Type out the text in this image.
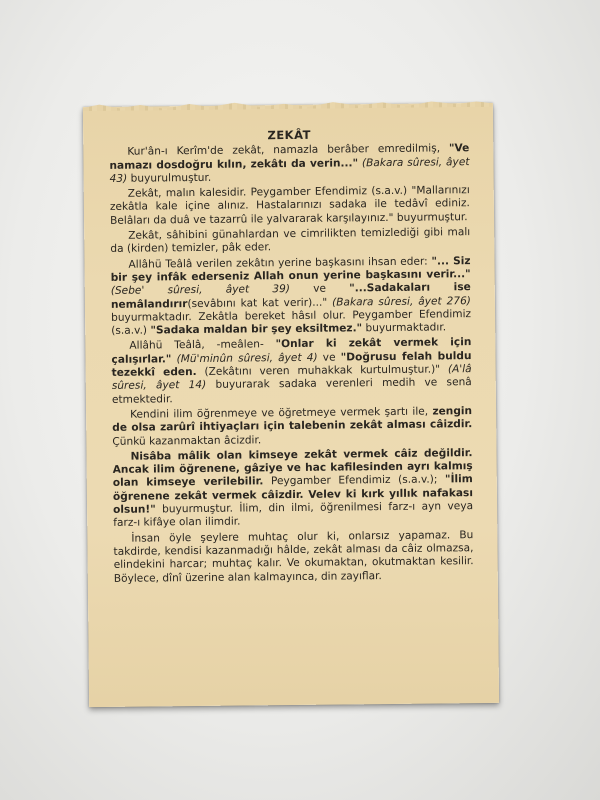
ZEKÂT

Kur'ân-ı Kerîm'de zekât, namazla berâber emredilmiş, "Ve namazı dosdoğru kılın, zekâtı da verin..." (Bakara sûresi, âyet 43) buyurulmuştur.

Zekât, malın kalesidir. Peygamber Efendimiz (s.a.v.) "Mallarınızı zekâtla kale içine alınız. Hastalarınızı sadaka ile tedâvî ediniz. Belâları da duâ ve tazarrû ile yalvararak karşılayınız." buyurmuştur.

Zekât, sâhibini günahlardan ve cimrilikten temizlediği gibi malı da (kirden) temizler, pâk eder.

Allâhü Teâlâ verilen zekâtın yerine başkasını ihsan eder: "... Siz bir şey infâk ederseniz Allah onun yerine başkasını verir..." (Sebe' sûresi, âyet 39) ve "...Sadakaları ise nemâlandırır(sevâbını kat kat verir)..." (Bakara sûresi, âyet 276) buyurmaktadır. Zekâtla bereket hâsıl olur. Peygamber Efendimiz (s.a.v.) "Sadaka maldan bir şey eksiltmez." buyurmaktadır.

Allâhü Teâlâ, -meâlen- "Onlar ki zekât vermek için çalışırlar." (Mü'minûn sûresi, âyet 4) ve "Doğrusu felah buldu tezekkî eden. (Zekâtını veren muhakkak kurtulmuştur.)" (A'lâ sûresi, âyet 14) buyurarak sadaka verenleri medih ve senâ etmektedir.

Kendini ilim öğrenmeye ve öğretmeye vermek şartı ile, zengin de olsa zarûrî ihtiyaçları için talebenin zekât alması câizdir. Çünkü kazanmaktan âcizdir.

Nisâba mâlik olan kimseye zekât vermek câiz değildir. Ancak ilim öğrenene, gâziye ve hac kafilesinden ayrı kalmış olan kimseye verilebilir. Peygamber Efendimiz (s.a.v.); "İlim öğrenene zekât vermek câizdir. Velev ki kırk yıllık nafakası olsun!" buyurmuştur. İlim, din ilmi, öğrenilmesi farz-ı ayn veya farz-ı kifâye olan ilimdir.

İnsan öyle şeylere muhtaç olur ki, onlarsız yapamaz. Bu takdirde, kendisi kazanmadığı hâlde, zekât alması da câiz olmazsa, elindekini harcar; muhtaç kalır. Ve okumaktan, okutmaktan kesilir. Böylece, dînî üzerine alan kalmayınca, din zayıflar.
